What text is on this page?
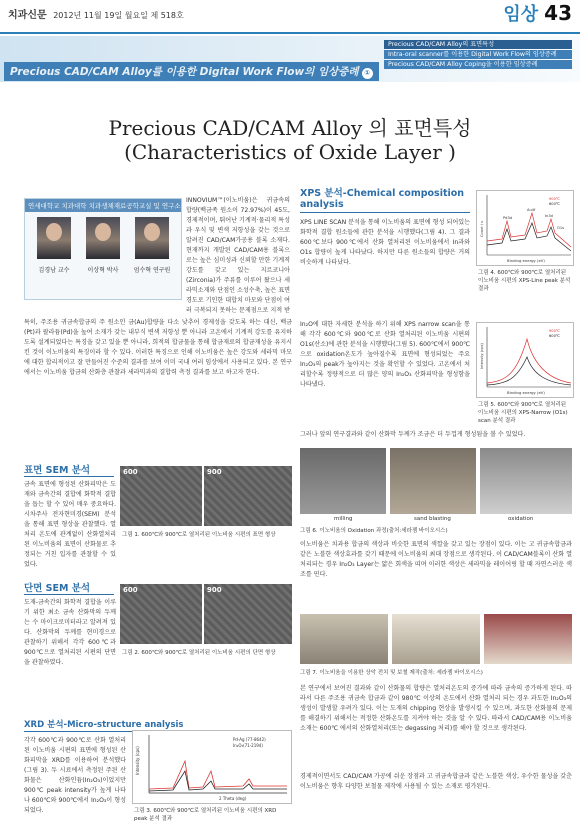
치과신문 2012년 11월 19일 월요일 제 518호	임상 43
Precious CAD/CAM Alloy의 표면특성
Intra-oral scanner를 이용한 Digital Work Flow의 임상증례
Precious CAD/CAM Alloy Coping을 이용한 임상증례
Precious CAD/CAM Alloy를 이용한 Digital Work Flow의 임상증례 ①
Precious CAD/CAM Alloy 의 표면특성
(Characteristics of Oxide Layer )
연세대학교 치과대학 치과생체재료공학교실 및 연구소
김경남 교수	이상혁 박사	엄수혁 연구원
INNOVIUM™(이노비움)은 귀금속의 합량(백금족 원소이 72.97%)이 45도, 경제적이며, 뛰어난 기계적·물리적 특성과 우식 및 변색 저항성을 갖는 것으로 알려진 CAD/CAM가공용 블록 소재다. 현재까지 개발된 CAD/CAM용 블록으로는 높은 심미성과 신뢰할 만한 기계적 강도를 갖고 있는 지르코니아(Zirconia)가 주류를 이루어 왔으나 세라믹소재와 단점인 소성수축, 높은 표면경도로 기인한 대합치 마모와 단점이 여러 극복되지 못하는 문제점으로 지적 받
특히, 주조용 귀금속합금의 주 원소인 금(Au)합량을 다소 낮추어 경제성을 갖도록 하는 대신, 백금(Pt)과 팔라듐(Pd)을 높여 소재가 갖는 내부식 변색 저항성 뿐 아니라 고온에서 기계적 강도를 유지하도록 설계되었다는 특징을 갖고 있을 뿐 아니라, 희적의 합금물을 통해 합금재료의 합금재성을 유지시킨 것이 이노비움의 특징이라 할 수 있다. 이러한 특징으로 인해 이노비움은 높은 강도와 세라믹 마모에 대한 합리적이고 잘 만들어진 수준의 결과를 보여 이미 국내 여러 임상에서 사용되고 있다. 본 연구에서는 이노비움 합금의 산화층 관찰과 세라믹과의 결합력 측정 결과를 보고 하고자 한다.
표면 SEM 분석
금속 표면에 형성된 산화피막은 도재와 금속간의 결합에 화학적 결합을 돕는 할 수 있어 매우 중요하다. 시차주사 전자현미경(SEM) 분석을 통해 표면 형상을 관찰했다. 열처리 온도에 관계없이 산화열처리된 이노비움의 표면이 산화물로 추정되는 거친 입자를 관찰할 수 있었다.
600	900
그림 1. 600℃와 900℃로 열처리된 이노비움 시편의 표면 형상
단면 SEM 분석
도재-금속간의 화학적 결합을 이루기 위한 최소 금속 산화막의 두께는 수 마이크로미터라고 알려져 있다. 산화막의 두께를 현미경으로 관찰하기 위해서 각각 600℃과 900℃으로 열처리된 시편의 단면을 관찰하였다.
600	900
그림 2. 600℃와 900℃로 열처리된 이노비움 시편의 단면 형상
XRD 분석-Micro-structure analysis
각각 600℃과 900℃로 산화 열처리된 이노비움 시편의 표면에 형성된 산화피막을 XRD를 이용하여 분석했다(그림 3). 두 시료에서 측정된 주된 산화물은 산화인듐(In₂O₃)이었지만 900℃ peak intensity가 높게 나타나 600℃와 900℃에서 In₂O₃이 형성되었다.
2 Theta (deg)
Intensity (cps)
Pd-Ag (77-8642)
In₂O₃(71-2194)
그림 3. 600℃와 900℃로 열처리된 이노비움 시편의 XRD peak 분석 결과
XPS 분석-Chemical composition analysis
XPS LINE SCAN 분석을 통해 이노비움의 표면에 형성 되어있는 화학적 결합 원소들에 관한 분석을 시행했다(그림 4). 그 결과 600℃보다 900℃에서 산화 열처리된 이노비움에서 In과와 O1s 합량이 높게 나타났다. 하지만 다른 원소들의 합량은 거의 비슷하게 나타났다.
Pd3d
Au4f
In3d
O1s
Binding energy (eV)
Count / s
900℃
600℃
그림 4. 600℃와 900℃로 열처리된 이노비움 시편의 XPS-Line peak 분석 결과
In₂O에 대한 자세한 분석을 하기 위해 XPS narrow scan을 통해 각각 600℃와 900℃로 산화 열처리된 이노비움 시편의 O1s(산소)에 관한 분석을 시행했다(그림 5). 600℃에서 900℃으로 oxidation온도가 높아질수록 표면에 형성되었는 주요 In₂O₃의 peak가 높아지는 것을 확인할 수 있었다. 고온에서 처리할수록 정량적으로 더 많은 양의 In₂O₃ 산화피막을 형성함을 나타냈다.
Binding energy (eV)
Intensity (cps)
900℃
600℃
그림 5. 600℃와 900℃로 열처리된 이노비움 시편의 XPS-Narrow (O1s) scan 분석 결과
그러나 앞의 연구결과와 같이 산화막 두께가 조금은 더 두껍게 형성됨을 볼 수 있었다.
milling	sand blasting	oxidation
그림 6. 이노비움의 Oxidation 과정(출처:세라젬 바이오시스)
이노비움은 치과용 합금의 색상과 비슷한 표면의 색깔을 갖고 있는 장점이 있다. 이는 고 귀금속합금과 같은 노블한 색상효과를 갖기 때문에 이노비움의 최대 장점으로 생각된다. 이 CAD/CAM블록이 산화 열처리되는 경우 In₂O₃ Layer는 얇은 회색을 띠며 이러한 색상은 세라믹을 레이어링 할 때 자연스러운 색조를 띤다.
그림 7. 이노비움을 이용한 상악 전치 및 보철 제작(출처: 세라젬 바이오시스)
본 연구에서 보여진 결과와 같이 산화물의 합량은 열처리온도의 증가에 따라 금속의 증가하게 된다. 따라서 다른 주조용 귀금속 합금과 같이 980℃ 이상의 온도에서 산화 열처리 되는 경우 과도한 In₂O₃의 생성이 발생할 우려가 있다. 이는 도재의 chipping 현상을 발생시킬 수 있으며, 과도한 산화물의 문제를 해결하기 위해서는 적정한 산화온도를 지켜야 하는 것을 알 수 있다. 따라서 CAD/CAM용 이노비움 소재는 600℃ 에서의 산화열처리(또는 degassing 처리)를 해야 할 것으로 생각된다.
경제적이면서도 CAD/CAM 가공에 쉬운 장점과 고 귀금속합금과 같은 노블한 색상, 우수한 물성을 갖춘 이노비움은 향후 다양한 보철물 제작에 사용될 수 있는 소재로 평가된다.
